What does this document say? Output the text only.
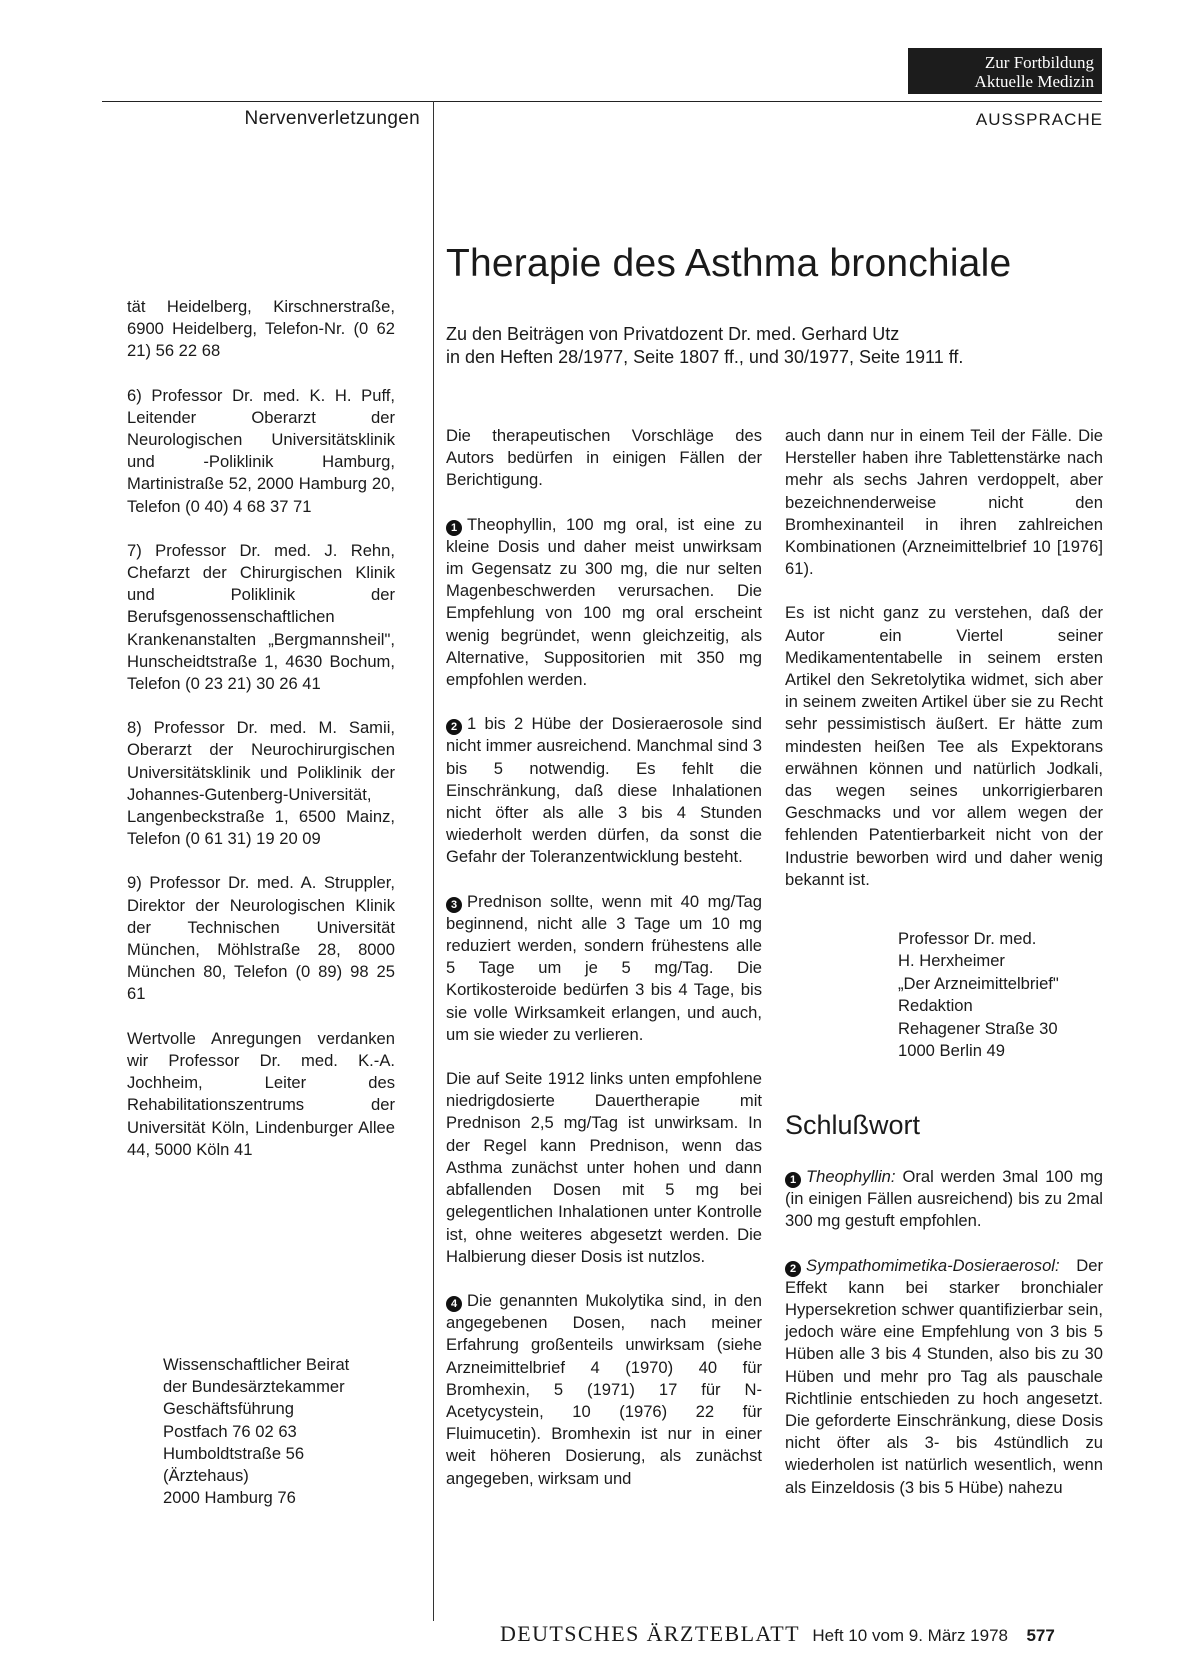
Zur Fortbildung
Aktuelle Medizin
Nervenverletzungen	AUSSPRACHE
Therapie des Asthma bronchiale
Zu den Beiträgen von Privatdozent Dr. med. Gerhard Utz
in den Heften 28/1977, Seite 1807 ff., und 30/1977, Seite 1911 ff.

tät Heidelberg, Kirschnerstraße, 6900 Heidelberg, Telefon-Nr. (0 62 21) 56 22 68

6) Professor Dr. med. K. H. Puff, Leitender Oberarzt der Neurologischen Universitätsklinik und -Poliklinik Hamburg, Martinistraße 52, 2000 Hamburg 20, Telefon (0 40) 4 68 37 71

7) Professor Dr. med. J. Rehn, Chefarzt der Chirurgischen Klinik und Poliklinik der Berufsgenossenschaftlichen Krankenanstalten „Bergmannsheil", Hunscheidtstraße 1, 4630 Bochum, Telefon (0 23 21) 30 26 41

8) Professor Dr. med. M. Samii, Oberarzt der Neurochirurgischen Universitätsklinik und Poliklinik der Johannes-Gutenberg-Universität, Langenbeckstraße 1, 6500 Mainz, Telefon (0 61 31) 19 20 09

9) Professor Dr. med. A. Struppler, Direktor der Neurologischen Klinik der Technischen Universität München, Möhlstraße 28, 8000 München 80, Telefon (0 89) 98 25 61

Wertvolle Anregungen verdanken wir Professor Dr. med. K.-A. Jochheim, Leiter des Rehabilitationszentrums der Universität Köln, Lindenburger Allee 44, 5000 Köln 41

Wissenschaftlicher Beirat
der Bundesärztekammer
Geschäftsführung
Postfach 76 02 63
Humboldtstraße 56
(Ärztehaus)
2000 Hamburg 76

Die therapeutischen Vorschläge des Autors bedürfen in einigen Fällen der Berichtigung.

1 Theophyllin, 100 mg oral, ist eine zu kleine Dosis und daher meist unwirksam im Gegensatz zu 300 mg, die nur selten Magenbeschwerden verursachen. Die Empfehlung von 100 mg oral erscheint wenig begründet, wenn gleichzeitig, als Alternative, Suppositorien mit 350 mg empfohlen werden.

2 1 bis 2 Hübe der Dosieraerosole sind nicht immer ausreichend. Manchmal sind 3 bis 5 notwendig. Es fehlt die Einschränkung, daß diese Inhalationen nicht öfter als alle 3 bis 4 Stunden wiederholt werden dürfen, da sonst die Gefahr der Toleranzentwicklung besteht.

3 Prednison sollte, wenn mit 40 mg/Tag beginnend, nicht alle 3 Tage um 10 mg reduziert werden, sondern frühestens alle 5 Tage um je 5 mg/Tag. Die Kortikosteroide bedürfen 3 bis 4 Tage, bis sie volle Wirksamkeit erlangen, und auch, um sie wieder zu verlieren.

Die auf Seite 1912 links unten empfohlene niedrigdosierte Dauertherapie mit Prednison 2,5 mg/Tag ist unwirksam. In der Regel kann Prednison, wenn das Asthma zunächst unter hohen und dann abfallenden Dosen mit 5 mg bei gelegentlichen Inhalationen unter Kontrolle ist, ohne weiteres abgesetzt werden. Die Halbierung dieser Dosis ist nutzlos.

4 Die genannten Mukolytika sind, in den angegebenen Dosen, nach meiner Erfahrung großenteils unwirksam (siehe Arzneimittelbrief 4 (1970) 40 für Bromhexin, 5 (1971) 17 für N-Acetycystein, 10 (1976) 22 für Fluimucetin). Bromhexin ist nur in einer weit höheren Dosierung, als zunächst angegeben, wirksam und

auch dann nur in einem Teil der Fälle. Die Hersteller haben ihre Tablettenstärke nach mehr als sechs Jahren verdoppelt, aber bezeichnenderweise nicht den Bromhexinanteil in ihren zahlreichen Kombinationen (Arzneimittelbrief 10 [1976] 61).

Es ist nicht ganz zu verstehen, daß der Autor ein Viertel seiner Medikamententabelle in seinem ersten Artikel den Sekretolytika widmet, sich aber in seinem zweiten Artikel über sie zu Recht sehr pessimistisch äußert. Er hätte zum mindesten heißen Tee als Expektorans erwähnen können und natürlich Jodkali, das wegen seines unkorrigierbaren Geschmacks und vor allem wegen der fehlenden Patentierbarkeit nicht von der Industrie beworben wird und daher wenig bekannt ist.

Professor Dr. med.
H. Herxheimer
„Der Arzneimittelbrief"
Redaktion
Rehagener Straße 30
1000 Berlin 49
Schlußwort

1 Theophyllin: Oral werden 3mal 100 mg (in einigen Fällen ausreichend) bis zu 2mal 300 mg gestuft empfohlen.

2 Sympathomimetika-Dosieraerosol: Der Effekt kann bei starker bronchialer Hypersekretion schwer quantifizierbar sein, jedoch wäre eine Empfehlung von 3 bis 5 Hüben alle 3 bis 4 Stunden, also bis zu 30 Hüben und mehr pro Tag als pauschale Richtlinie entschieden zu hoch angesetzt. Die geforderte Einschränkung, diese Dosis nicht öfter als 3- bis 4stündlich zu wiederholen ist natürlich wesentlich, wenn als Einzeldosis (3 bis 5 Hübe) nahezu

DEUTSCHES ÄRZTEBLATT Heft 10 vom 9. März 1978 577
